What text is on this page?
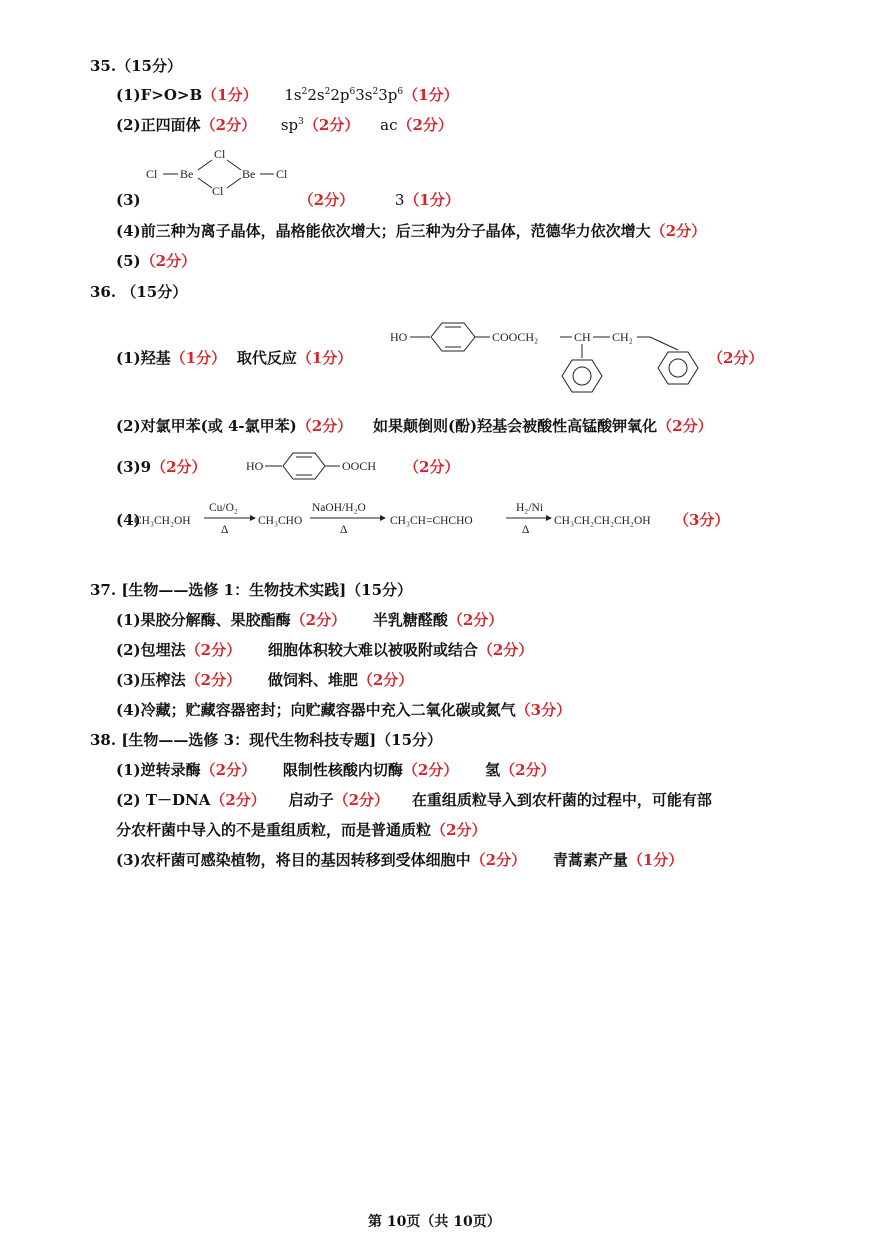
35.（15分）
(1)F>O>B（1分） $1s^22s^22p^63s^23p^6(1$分）
(2)正四面体（2分） $sp^3(2$分） ac（2分）
Cl Be
Cl
Cl
Be Cl
(3)	（2分）	3（1分）
(4)前三种为离子晶体，晶格能依次增大；后三种为分子晶体，范德华力依次增大（2分）
(5)（2分）
36. （15分）
(1)羟基（1分） 取代反应（1分）
HO	COOCH₂	CH CH₂
（2分）
(2)对氯甲苯(或 4-氯甲苯)（2分） 如果颠倒则(酚)羟基会被酸性高锰酸钾氧化（2分）
(3)9（2分）	HO	OOCH （2分）
(4)
CH₃CH₂OH
Cu/O₂
Δ
CH₃CHO
NaOH/H₂O
Δ
CH₃CH=CHCHO
H₂/Ni
Δ
CH₃CH₂CH₂CH₂OH （3分）
37. [生物——选修 1：生物技术实践]（15分）
(1)果胶分解酶、果胶酯酶（2分） 半乳糖醛酸（2分）
(2)包埋法（2分） 细胞体积较大难以被吸附或结合（2分）
(3)压榨法（2分） 做饲料、堆肥（2分）
(4)冷藏；贮藏容器密封；向贮藏容器中充入二氧化碳或氮气（3分）
38. [生物——选修 3：现代生物科技专题]（15分）
(1)逆转录酶（2分） 限制性核酸内切酶（2分） 氢（2分）
(2) T－DNA（2分） 启动子（2分） 在重组质粒导入到农杆菌的过程中，可能有部
分农杆菌中导入的不是重组质粒，而是普通质粒（2分）
(3)农杆菌可感染植物，将目的基因转移到受体细胞中（2分） 青蒿素产量（1分）
第 10页（共 10页）
